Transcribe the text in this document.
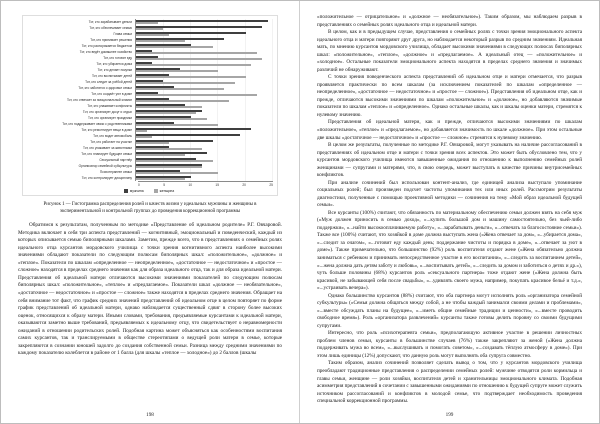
Тот, кто зарабатывает деньги
Тот, кто обеспечивает семью
Глава семьи
Тот, кто принимает решения
Тот, кто распоряжается бюджетом
Тот, кто ведёт домашнее хозяйство
Тот, кто готовит еду
Тот, кто убирается дома
Тот, кто делает покупки
Тот, кто воспитывает детей
Тот, кто следит за учёбой детей
Тот, кто заботится о здоровье семьи
Тот, кто создаёт уют в доме
Тот, кто отвечает за эмоциональный климат
Тот, кто улаживает конфликты
Тот, кто организует досуг и отдых
Тот, кто организует праздники
Тот, кто поддерживает связи с родственниками
Тот, кто ремонтирует вещи в доме
Тот, кто водит автомобиль
Тот, кто работает на участке
Тот, кто ухаживает за животными
Тот, кто планирует будущее семьи
Сексуальный партнёр
Организатор семейной субкультуры
Психотерапевт семьи
Тот, кто контролирует дисциплину
0	5	10	15	20	25
мужчина	женщина
Рисунок 1 — Гистограмма распределения ролей и качеств жизни у идеальных мужчины и женщины в экспериментальной и контрольной группах до проведения коррекционной программы

Обратимся к результатам, полученным по методике «Представление об идеальном родителе» Р.Г. Овчаровой. Методика включает в себя три аспекта представлений — когнитивный, эмоциональный и поведенческий, каждый из которых описывается семью биполярными шкалами. Заметим, прежде всего, что в представлениях о семейных ролях идеального отца курсантов мордовского училища с точки зрения когнитивного аспекта наиболее высокими значениями обладают показатели по следующим полюсам биполярных шкал: «положительное», «должное» и «теплое». Показатели по шкалам «определенное — неопределенное», «достаточное — недостаточное» и «простое — сложное» находятся в пределах среднего значения как для образа идеального отца, так и для образа идеальной матери. Представления об идеальной матери отличаются высокими значениями показателей по следующим полюсам биполярных шкал: «положительное», «теплое» и «предлагаемое». Показатели шкал «должное — необязательное», «достаточное — недостаточное» и «простое — сложное» также находятся в пределах среднего значения. Обращает на себя внимание тот факт, что график средних значений представлений об идеальном отце в целом повторяет по форме график представлений об идеальной матери, однако наблюдается существенный сдвиг в сторону более высоких оценок, относящихся к образу матери. Иными словами, требования, предъявляемые курсантами к идеальной матери, оказываются заметно выше требований, предъявляемых к идеальному отцу, что свидетельствует о неравномерности ожиданий в отношении родительских ролей. Подобная картина может объясняться как особенностями воспитания самих курсантов, так и транслируемыми в обществе стереотипами о ведущей роли матери в семье, которые закрепляются в сознании юношей задолго до создания собственной семьи. Разница между средними значениями по каждому показателю колеблется в районе от 1 балла (для шкалы «теплое — холодное») до 2 баллов (шкалы

198

«положительное — отрицательное» и «должное — необязательное»). Таким образом, мы наблюдаем разрыв в представлениях о семейных ролях идеального отца и идеальной матери.

В целом, как и в предыдущем случае, представления о семейных ролях с точки зрения эмоционального аспекта идеального отца и матери повторяют друг друга, но наблюдается некоторый разрыв по средним значениям. Идеальная мать, по мнению курсантов мордовского училища, обладает высокими значениями в следующих полюсах биполярных шкал: «положительное», «теплое», «должное» и «предлагаемое». А идеальный отец — «положительное» и «холодное». Остальные показатели эмоционального аспекта находятся в пределах среднего значения и значимых различий не обнаруживают.

С точки зрения поведенческого аспекта представлений об идеальном отце и матери отмечается, что разрыв проявляется практически по всем шкалам (за исключением показателей по шкалам «определенное — неопределенное», «достаточное — недостаточное» и «простое — сложное»). Представления об идеальном отце, как и прежде, отличаются высокими значениями по шкалам «положительное» и «должное», но добавляются значимые показатели по шкалам «теплое» и «определенное». Однако остальные шкалы, как и шкалы оценки матери, стремятся к нулевому значению.

Представления об идеальной матери, как и прежде, отличаются высокими значениями по шкалам «положительное», «теплое» и «предлагаемое», но добавляется значимость по шкале «должное». При этом остальные две шкалы «достаточное — недостаточное» и «простое — сложное» стремятся к нулевому значению.

В целом же результаты, полученные по методике Р.Г. Овчаровой, могут указывать на наличие рассогласований в представлениях об идеальном отце и матери с точки зрения всех аспектов. Это может быть обусловлено тем, что у курсантов мордовского училища имеются завышенные ожидания по отношению к выполнению семейных ролей женщинами — супругами и матерями, что, в свою очередь, может выступать в качестве причины внутрисемейных конфликтов.

При анализе сочинений был использован контент-анализ, где единицей анализа выступало упоминание социальных ролей; был произведен подсчет частоты упоминания тех или иных ролей. Рассмотрим результаты диагностики, полученные с помощью проективной методики — сочинения на тему «Мой образ идеальной будущей семьи».

Все курсанты (100%) считают, что обязанность по материальному обеспечению семьи должен взять на себя муж («Муж должен приносить в семью доход», «...купить большой дом и машину самостоятельно, без чьей-либо поддержки», «...найти высокооплачиваемую работу», «...зарабатывать деньги», «...отвечать за благосостояние семьи»). Также все (100%) считают, что хозяйкой в доме должна выступать жена («Жена отвечает за дом», «...убирается дома», «...следит за очагом», «...готовит еду каждый день; поддержание чистоты и порядка в доме», «...отвечает за уют в доме»). Также примечательно, что большинство (92%) роль воспитателя отдают жене («Жена обязательно должна заниматься с ребенком и принимать непосредственное участие в его воспитании», «...следить за воспитанием детей», «...жена должна дать детям заботу и любовь», «...воспитывать детей», «...следить за домом и заботиться о детях и др.»), чуть больше половины (68%) курсантов роль «сексуального партнера» тоже отдают жене («Жена должна быть красивой, не забывающей себя после свадьбы», «...удивлять своего мужа, например, покупать красивое бельё и т.д.», «...устраивать вечера»).

Однако большинство курсантов (88%) считают, что оба партнера могут исполнять роль «организатора семейной субкультуры» («Семья должна общаться между собой, а не чтобы каждый занимался своими делами и проблемами», «...вместе обсуждать планы на будущее», «...иметь общие семейные традиции и ценности», «...вместе проводить свободное время»). Роль «организатора развлечений» курсанты также готовы делить поровну со своими будущими супругами.

Интересно, что роль «психотерапевта семьи», предполагающую активное участие в решении личностных проблем членов семьи, курсанты в большинстве случаев (76%) также закрепляют за женой («Жена должна поддерживать мужа во всем», «...выслушивать и помогать советом», «...создавать тёплую атмосферу в доме»). При этом лишь единицы (12%) допускают, что данную роль могут выполнять оба супруга совместно.

Таким образом, анализ сочинений позволяет сделать вывод о том, что у курсантов мордовского училища преобладают традиционные представления о распределении семейных ролей: мужчине отводятся роли кормильца и главы семьи, женщине — роли хозяйки, воспитателя детей и хранительницы эмоционального климата. Подобная асимметрия представлений в сочетании с завышенными ожиданиями по отношению к будущей супруге может служить источником рассогласований и конфликтов в молодой семье, что подтверждает необходимость проведения специальной коррекционной программы.

199
